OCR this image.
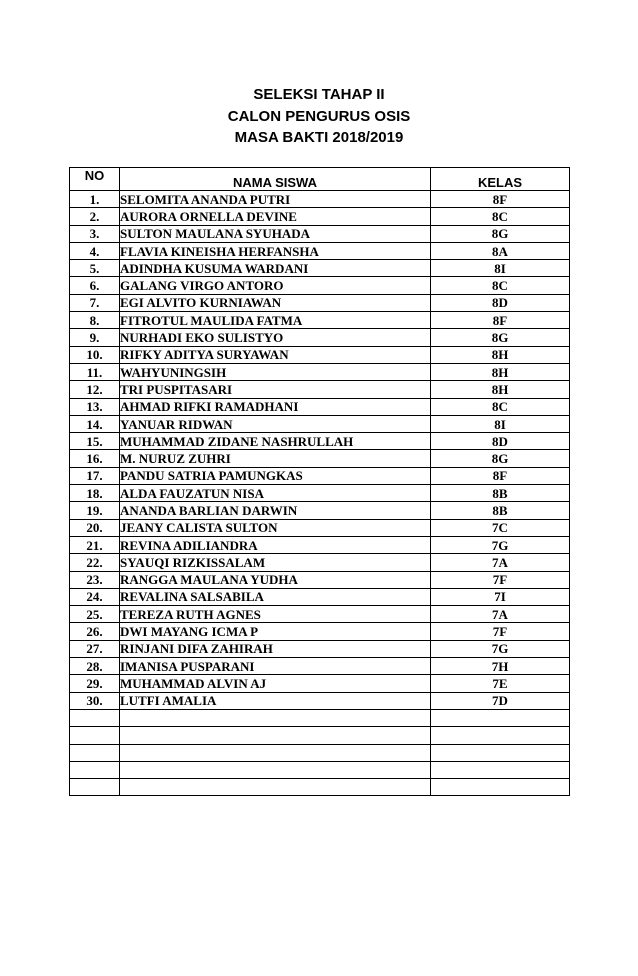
SELEKSI TAHAP II
CALON PENGURUS OSIS
MASA BAKTI 2018/2019
NO	NAMA SISWA	KELAS
1.	SELOMITA ANANDA PUTRI	8F
2.	AURORA ORNELLA DEVINE	8C
3.	SULTON MAULANA SYUHADA	8G
4.	FLAVIA KINEISHA HERFANSHA	8A
5.	ADINDHA KUSUMA WARDANI	8I
6.	GALANG VIRGO ANTORO	8C
7.	EGI ALVITO KURNIAWAN	8D
8.	FITROTUL MAULIDA FATMA	8F
9.	NURHADI EKO SULISTYO	8G
10.	RIFKY ADITYA SURYAWAN	8H
11.	WAHYUNINGSIH	8H
12.	TRI PUSPITASARI	8H
13.	AHMAD RIFKI RAMADHANI	8C
14.	YANUAR RIDWAN	8I
15.	MUHAMMAD ZIDANE NASHRULLAH	8D
16.	M. NURUZ ZUHRI	8G
17.	PANDU SATRIA PAMUNGKAS	8F
18.	ALDA FAUZATUN NISA	8B
19.	ANANDA BARLIAN DARWIN	8B
20.	JEANY CALISTA SULTON	7C
21.	REVINA ADILIANDRA	7G
22.	SYAUQI RIZKISSALAM	7A
23.	RANGGA MAULANA YUDHA	7F
24.	REVALINA SALSABILA	7I
25.	TEREZA RUTH AGNES	7A
26.	DWI MAYANG ICMA P	7F
27.	RINJANI DIFA ZAHIRAH	7G
28.	IMANISA PUSPARANI	7H
29.	MUHAMMAD ALVIN AJ	7E
30.	LUTFI AMALIA	7D
